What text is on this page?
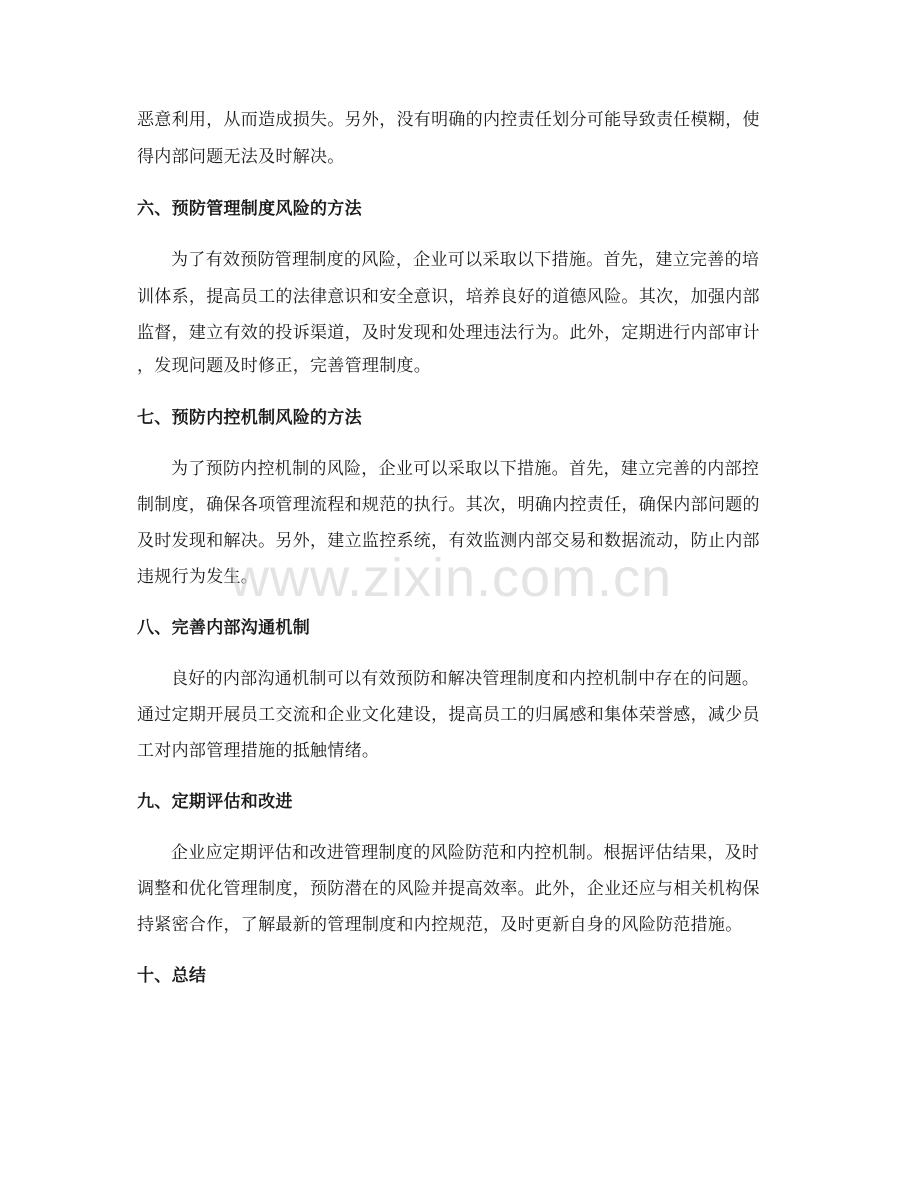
恶意利用，从而造成损失。另外，没有明确的内控责任划分可能导致责任模糊，使
得内部问题无法及时解决。
六、预防管理制度风险的方法
为了有效预防管理制度的风险，企业可以采取以下措施。首先，建立完善的培
训体系，提高员工的法律意识和安全意识，培养良好的道德风险。其次，加强内部
监督，建立有效的投诉渠道，及时发现和处理违法行为。此外，定期进行内部审计
，发现问题及时修正，完善管理制度。
七、预防内控机制风险的方法
为了预防内控机制的风险，企业可以采取以下措施。首先，建立完善的内部控
制制度，确保各项管理流程和规范的执行。其次，明确内控责任，确保内部问题的
及时发现和解决。另外，建立监控系统，有效监测内部交易和数据流动，防止内部
违规行为发生。
八、完善内部沟通机制
良好的内部沟通机制可以有效预防和解决管理制度和内控机制中存在的问题。
通过定期开展员工交流和企业文化建设，提高员工的归属感和集体荣誉感，减少员
工对内部管理措施的抵触情绪。
九、定期评估和改进
企业应定期评估和改进管理制度的风险防范和内控机制。根据评估结果，及时
调整和优化管理制度，预防潜在的风险并提高效率。此外，企业还应与相关机构保
持紧密合作，了解最新的管理制度和内控规范，及时更新自身的风险防范措施。
十、总结
www.zixin.com.cn
